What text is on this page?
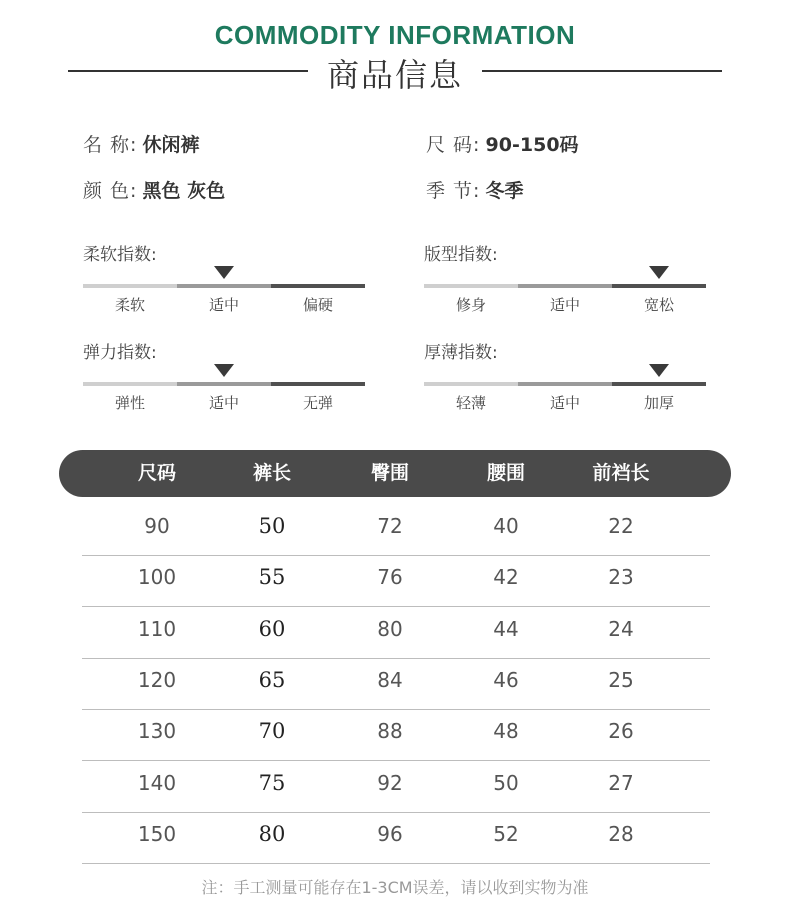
COMMODITY INFORMATION
商品信息
名 称: 休闲裤	尺 码: 90-150码
颜 色: 黑色 灰色	季 节: 冬季
柔软指数:
柔软	适中	偏硬
版型指数:
修身	适中	宽松
弹力指数:
弹性	适中	无弹
厚薄指数:
轻薄	适中	加厚
尺码	裤长	臀围	腰围	前裆长
90	50	72	40	22
100	55	76	42	23
110	60	80	44	24
120	65	84	46	25
130	70	88	48	26
140	75	92	50	27
150	80	96	52	28
注：手工测量可能存在1-3CM误差，请以收到实物为准
